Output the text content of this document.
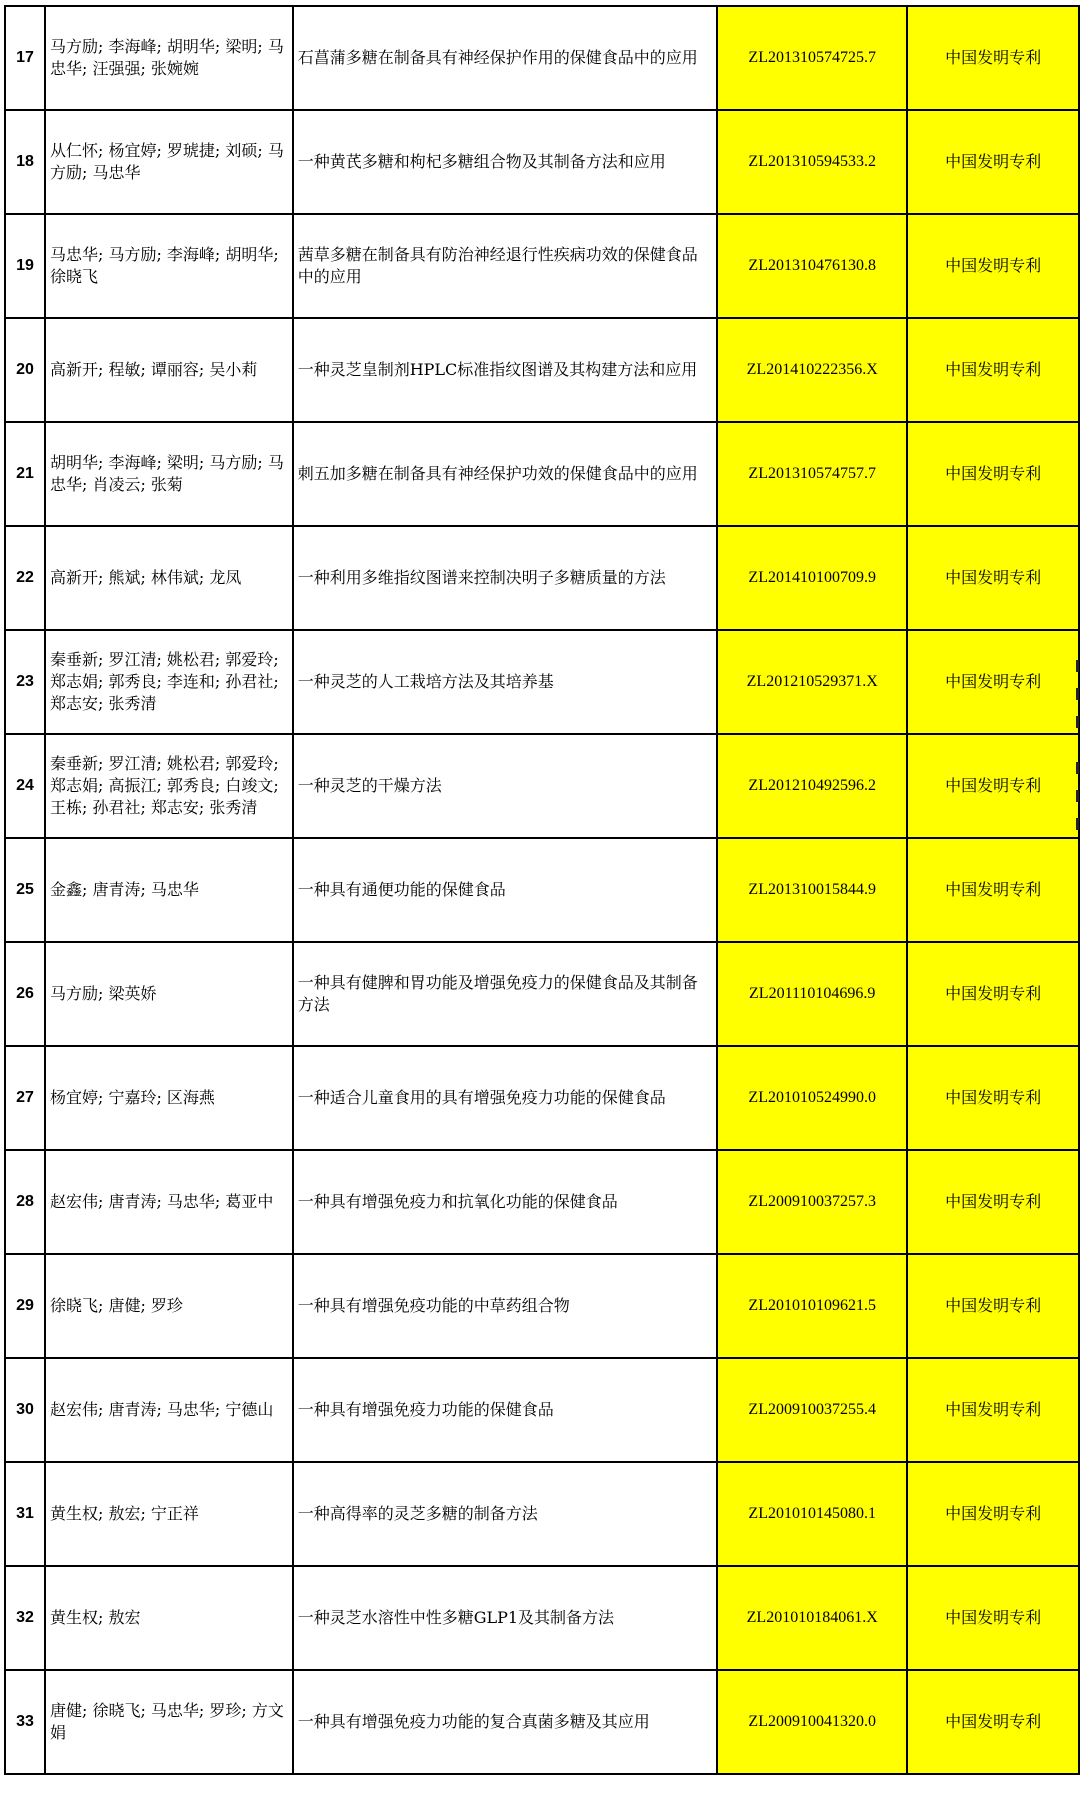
17	马方励; 李海峰; 胡明华; 梁明; 马忠华; 汪强强; 张婉婉	石菖蒲多糖在制备具有神经保护作用的保健食品中的应用	ZL201310574725.7	中国发明专利
18	从仁怀; 杨宜婷; 罗琥捷; 刘硕; 马方励; 马忠华	一种黄芪多糖和枸杞多糖组合物及其制备方法和应用	ZL201310594533.2	中国发明专利
19	马忠华; 马方励; 李海峰; 胡明华; 徐晓飞	茜草多糖在制备具有防治神经退行性疾病功效的保健食品中的应用	ZL201310476130.8	中国发明专利
20	高新开; 程敏; 谭丽容; 吴小莉	一种灵芝皇制剂HPLC标准指纹图谱及其构建方法和应用	ZL201410222356.X	中国发明专利
21	胡明华; 李海峰; 梁明; 马方励; 马忠华; 肖凌云; 张菊	刺五加多糖在制备具有神经保护功效的保健食品中的应用	ZL201310574757.7	中国发明专利
22	高新开; 熊斌; 林伟斌; 龙凤	一种利用多维指纹图谱来控制决明子多糖质量的方法	ZL201410100709.9	中国发明专利
23	秦垂新; 罗江清; 姚松君; 郭爱玲; 郑志娟; 郭秀良; 李连和; 孙君社; 郑志安; 张秀清	一种灵芝的人工栽培方法及其培养基	ZL201210529371.X	中国发明专利
24	秦垂新; 罗江清; 姚松君; 郭爱玲; 郑志娟; 高振江; 郭秀良; 白竣文; 王栋; 孙君社; 郑志安; 张秀清	一种灵芝的干燥方法	ZL201210492596.2	中国发明专利
25	金鑫; 唐青涛; 马忠华	一种具有通便功能的保健食品	ZL201310015844.9	中国发明专利
26	马方励; 梁英娇	一种具有健脾和胃功能及增强免疫力的保健食品及其制备方法	ZL201110104696.9	中国发明专利
27	杨宜婷; 宁嘉玲; 区海燕	一种适合儿童食用的具有增强免疫力功能的保健食品	ZL201010524990.0	中国发明专利
28	赵宏伟; 唐青涛; 马忠华; 葛亚中	一种具有增强免疫力和抗氧化功能的保健食品	ZL200910037257.3	中国发明专利
29	徐晓飞; 唐健; 罗珍	一种具有增强免疫功能的中草药组合物	ZL201010109621.5	中国发明专利
30	赵宏伟; 唐青涛; 马忠华; 宁德山	一种具有增强免疫力功能的保健食品	ZL200910037255.4	中国发明专利
31	黄生权; 敖宏; 宁正祥	一种高得率的灵芝多糖的制备方法	ZL201010145080.1	中国发明专利
32	黄生权; 敖宏	一种灵芝水溶性中性多糖GLP1及其制备方法	ZL201010184061.X	中国发明专利
33	唐健; 徐晓飞; 马忠华; 罗珍; 方文娟	一种具有增强免疫力功能的复合真菌多糖及其应用	ZL200910041320.0	中国发明专利
